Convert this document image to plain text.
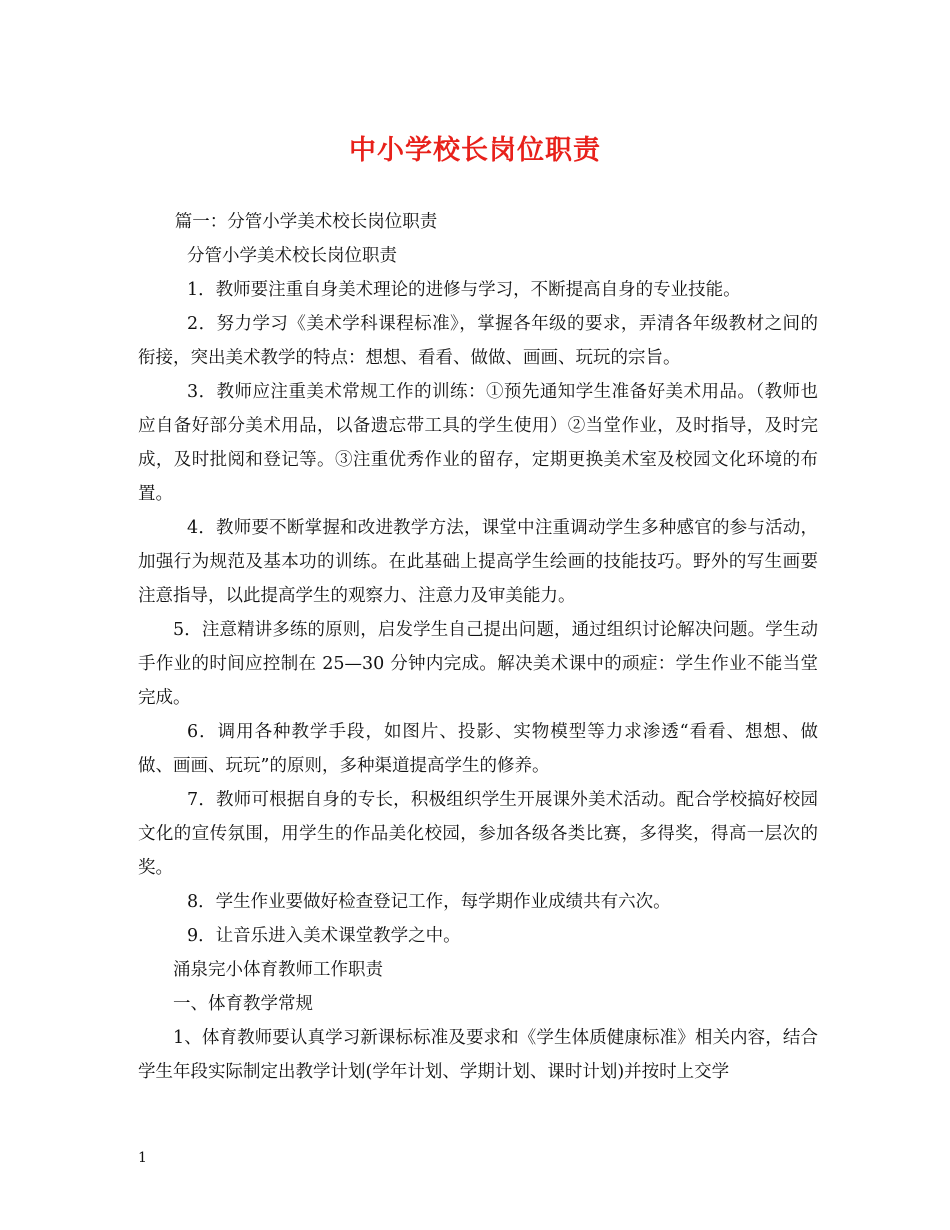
中小学校长岗位职责

篇一：分管小学美术校长岗位职责

分管小学美术校长岗位职责

1．教师要注重自身美术理论的进修与学习，不断提高自身的专业技能。

2．努力学习《美术学科课程标准》，掌握各年级的要求，弄清各年级教材之间的衔接，突出美术教学的特点：想想、看看、做做、画画、玩玩的宗旨。

3．教师应注重美术常规工作的训练：①预先通知学生准备好美术用品。（教师也应自备好部分美术用品，以备遗忘带工具的学生使用）②当堂作业，及时指导，及时完成，及时批阅和登记等。③注重优秀作业的留存，定期更换美术室及校园文化环境的布置。

4．教师要不断掌握和改进教学方法，课堂中注重调动学生多种感官的参与活动，加强行为规范及基本功的训练。在此基础上提高学生绘画的技能技巧。野外的写生画要注意指导，以此提高学生的观察力、注意力及审美能力。

5．注意精讲多练的原则，启发学生自己提出问题，通过组织讨论解决问题。学生动手作业的时间应控制在 25—30 分钟内完成。解决美术课中的顽症：学生作业不能当堂完成。

6．调用各种教学手段，如图片、投影、实物模型等力求渗透“看看、想想、做做、画画、玩玩”的原则，多种渠道提高学生的修养。

7．教师可根据自身的专长，积极组织学生开展课外美术活动。配合学校搞好校园文化的宣传氛围，用学生的作品美化校园，参加各级各类比赛，多得奖，得高一层次的奖。

8．学生作业要做好检查登记工作，每学期作业成绩共有六次。

9．让音乐进入美术课堂教学之中。

涌泉完小体育教师工作职责

一、体育教学常规

1、体育教师要认真学习新课标标准及要求和《学生体质健康标准》相关内容，结合学生年段实际制定出教学计划(学年计划、学期计划、课时计划)并按时上交学

1
